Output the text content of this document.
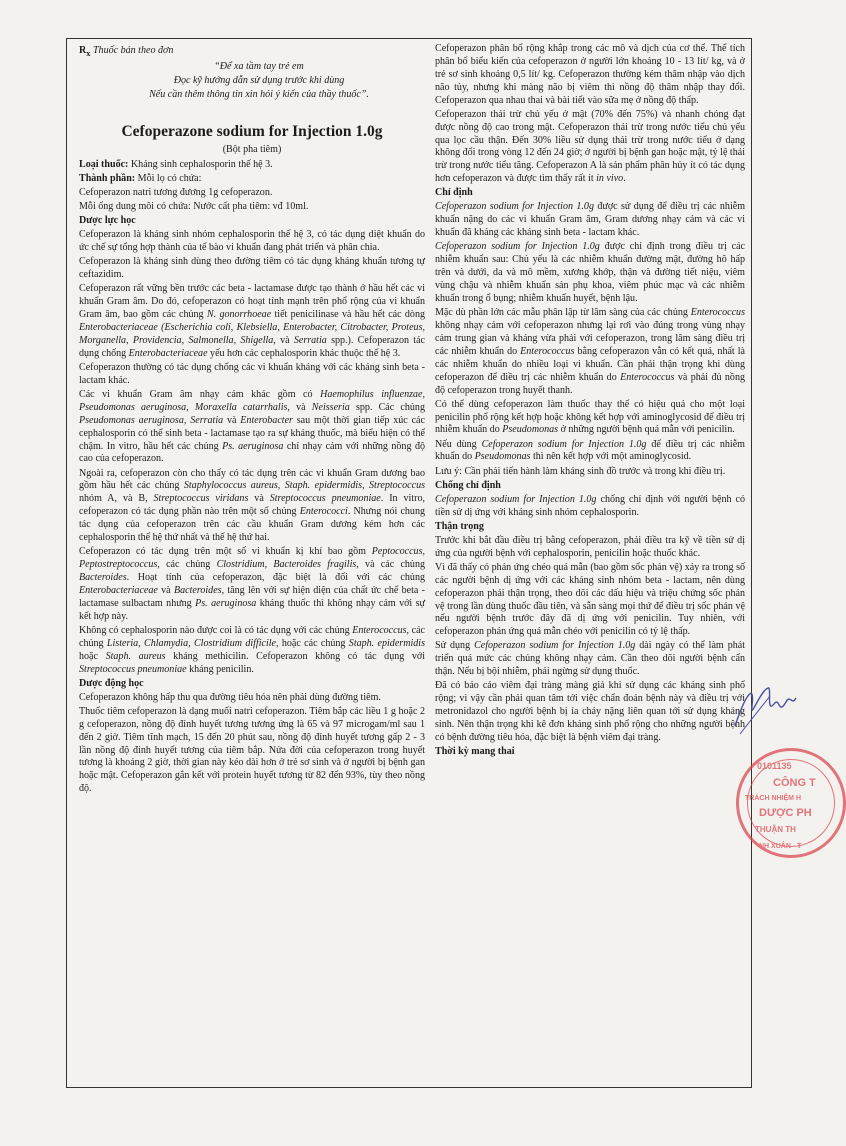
$R_x$ Thuốc bán theo đơn

“Để xa tầm tay trẻ em

Đọc kỹ hướng dẫn sử dụng trước khi dùng

Nếu cần thêm thông tin xin hỏi ý kiến của thầy thuốc”.

Cefoperazone sodium for Injection 1.0g
(Bột pha tiêm)

Loại thuốc: Kháng sinh cephalosporin thế hệ 3.

Thành phần: Mỗi lọ có chứa:

Cefoperazon natri tương đương 1g cefoperazon.

Mỗi ống dung môi có chứa: Nước cất pha tiêm: vđ 10ml.

Dược lực học

Cefoperazon là kháng sinh nhóm cephalosporin thế hệ 3, có tác dụng diệt khuẩn do ức chế sự tổng hợp thành của tế bào vi khuẩn đang phát triển và phân chia.

Cefoperazon là kháng sinh dùng theo đường tiêm có tác dụng kháng khuẩn tương tự ceftazidim.

Cefoperazon rất vững bền trước các beta - lactamase được tạo thành ở hầu hết các vi khuẩn Gram âm. Do đó, cefoperazon có hoạt tính mạnh trên phổ rộng của vi khuẩn Gram âm, bao gồm các chủng N. gonorrhoeae tiết penicilinase và hầu hết các dòng Enterobacteriaceae (Escherichia coli, Klebsiella, Enterobacter, Citrobacter, Proteus, Morganella, Providencia, Salmonella, Shigella, và Serratia spp.). Cefoperazon tác dụng chống Enterobacteriaceae yếu hơn các cephalosporin khác thuộc thế hệ 3.

Cefoperazon thường có tác dụng chống các vi khuẩn kháng với các kháng sinh beta - lactam khác.

Các vi khuẩn Gram âm nhạy cảm khác gồm có Haemophilus influenzae, Pseudomonas aeruginosa, Moraxella catarrhalis, và Neisseria spp. Các chủng Pseudomonas aeruginosa, Serratia và Enterobacter sau một thời gian tiếp xúc các cephalosporin có thể sinh beta - lactamase tạo ra sự kháng thuốc, mà biểu hiện có thể chậm. In vitro, hầu hết các chủng Ps. aeruginosa chỉ nhạy cảm với những nồng độ cao của cefoperazon.

Ngoài ra, cefoperazon còn cho thấy có tác dụng trên các vi khuẩn Gram dương bao gồm hầu hết các chủng Staphylococcus aureus, Staph. epidermidis, Streptococcus nhóm A, và B, Streptococcus viridans và Streptococcus pneumoniae. In vitro, cefoperazon có tác dụng phần nào trên một số chủng Enterococci. Nhưng nói chung tác dụng của cefoperazon trên các cầu khuẩn Gram dương kém hơn các cephalosporin thế hệ thứ nhất và thế hệ thứ hai.

Cefoperazon có tác dụng trên một số vi khuẩn kị khí bao gồm Peptococcus, Peptostreptococcus, các chủng Clostridium, Bacteroides fragilis, và các chủng Bacteroides. Hoạt tính của cefoperazon, đặc biệt là đối với các chủng Enterobacteriaceae và Bacteroides, tăng lên với sự hiện diện của chất ức chế beta - lactamase sulbactam nhưng Ps. aeruginosa kháng thuốc thì không nhạy cảm với sự kết hợp này.

Không có cephalosporin nào được coi là có tác dụng với các chủng Enterococcus, các chủng Listeria, Chlamydia, Clostridium difficile, hoặc các chủng Staph. epidermidis hoặc Staph. aureus kháng methicilin. Cefoperazon không có tác dụng với Streptococcus pneumoniae kháng penicilin.

Dược động học

Cefoperazon không hấp thu qua đường tiêu hóa nên phải dùng đường tiêm.

Thuốc tiêm cefoperazon là dạng muối natri cefoperazon. Tiêm bắp các liều 1 g hoặc 2 g cefoperazon, nồng độ đỉnh huyết tương tương ứng là 65 và 97 microgam/ml sau 1 đến 2 giờ. Tiêm tĩnh mạch, 15 đến 20 phút sau, nồng độ đỉnh huyết tương gấp 2 - 3 lần nồng độ đỉnh huyết tương của tiêm bắp. Nửa đời của cefoperazon trong huyết tương là khoảng 2 giờ, thời gian này kéo dài hơn ở trẻ sơ sinh và ở người bị bệnh gan hoặc mật. Cefoperazon gắn kết với protein huyết tương từ 82 đến 93%, tùy theo nồng độ.

Cefoperazon phân bố rộng khắp trong các mô và dịch của cơ thể. Thể tích phân bố biểu kiến của cefoperazon ở người lớn khoảng 10 - 13 lít/ kg, và ở trẻ sơ sinh khoảng 0,5 lít/ kg. Cefoperazon thường kém thâm nhập vào dịch não tủy, nhưng khi màng não bị viêm thì nồng độ thâm nhập thay đổi. Cefoperazon qua nhau thai và bài tiết vào sữa mẹ ở nồng độ thấp.

Cefoperazon thải trừ chủ yếu ở mật (70% đến 75%) và nhanh chóng đạt được nồng độ cao trong mật. Cefoperazon thải trừ trong nước tiểu chủ yếu qua lọc cầu thận. Đến 30% liều sử dụng thải trừ trong nước tiểu ở dạng không đổi trong vòng 12 đến 24 giờ; ở người bị bệnh gan hoặc mật, tỷ lệ thải trừ trong nước tiểu tăng. Cefoperazon A là sản phẩm phân hủy ít có tác dụng hơn cefoperazon và được tìm thấy rất ít in vivo.

Chỉ định

Cefoperazon sodium for Injection 1.0g được sử dụng để điều trị các nhiễm khuẩn nặng do các vi khuẩn Gram âm, Gram dương nhạy cảm và các vi khuẩn đã kháng các kháng sinh beta - lactam khác.

Cefoperazon sodium for Injection 1.0g được chỉ định trong điều trị các nhiễm khuẩn sau: Chủ yếu là các nhiễm khuẩn đường mật, đường hô hấp trên và dưới, da và mô mềm, xương khớp, thận và đường tiết niệu, viêm vùng chậu và nhiễm khuẩn sản phụ khoa, viêm phúc mạc và các nhiễm khuẩn trong ổ bụng; nhiễm khuẩn huyết, bệnh lậu.

Mặc dù phần lớn các mẫu phân lập từ lâm sàng của các chủng Enterococcus không nhạy cảm với cefoperazon nhưng lại rơi vào đúng trong vùng nhạy cảm trung gian và kháng vừa phải với cefoperazon, trong lâm sàng điều trị các nhiễm khuẩn do Enterococcus bằng cefoperazon vẫn có kết quả, nhất là các nhiễm khuẩn do nhiều loại vi khuẩn. Cần phải thận trọng khi dùng cefoperazon để điều trị các nhiễm khuẩn do Enterococcus và phải đủ nồng độ cefoperazon trong huyết thanh.

Có thể dùng cefoperazon làm thuốc thay thế có hiệu quả cho một loại penicilin phổ rộng kết hợp hoặc không kết hợp với aminoglycosid để điều trị nhiễm khuẩn do Pseudomonas ở những người bệnh quá mẫn với penicilin.

Nếu dùng Cefoperazon sodium for Injection 1.0g để điều trị các nhiễm khuẩn do Pseudomonas thì nên kết hợp với một aminoglycosid.

Lưu ý: Cần phải tiến hành làm kháng sinh đồ trước và trong khi điều trị.

Chống chỉ định

Cefoperazon sodium for Injection 1.0g chống chỉ định với người bệnh có tiền sử dị ứng với kháng sinh nhóm cephalosporin.

Thận trọng

Trước khi bắt đầu điều trị bằng cefoperazon, phải điều tra kỹ về tiền sử dị ứng của người bệnh với cephalosporin, penicilin hoặc thuốc khác.

Vì đã thấy có phản ứng chéo quá mẫn (bao gồm sốc phản vệ) xảy ra trong số các người bệnh dị ứng với các kháng sinh nhóm beta - lactam, nên dùng cefoperazon phải thận trọng, theo dõi các dấu hiệu và triệu chứng sốc phản vệ trong lần dùng thuốc đầu tiên, và sẵn sàng mọi thứ để điều trị sốc phản vệ nếu người bệnh trước đây đã dị ứng với penicilin. Tuy nhiên, với cefoperazon phản ứng quá mẫn chéo với penicilin có tỷ lệ thấp.

Sử dụng Cefoperazon sodium for Injection 1.0g dài ngày có thể làm phát triển quá mức các chủng không nhạy cảm. Cần theo dõi người bệnh cẩn thận. Nếu bị bội nhiễm, phải ngừng sử dụng thuốc.

Đã có báo cáo viêm đại tràng màng giả khi sử dụng các kháng sinh phổ rộng; vì vậy cần phải quan tâm tới việc chẩn đoán bệnh này và điều trị với metronidazol cho người bệnh bị ỉa chảy nặng liên quan tới sử dụng kháng sinh. Nên thận trọng khi kê đơn kháng sinh phổ rộng cho những người bệnh có bệnh đường tiêu hóa, đặc biệt là bệnh viêm đại tràng.

Thời kỳ mang thai

0101135
CÔNG T
TRÁCH NHIỆM H
DƯỢC PH
THUẬN TH
NH XUÂN - T
